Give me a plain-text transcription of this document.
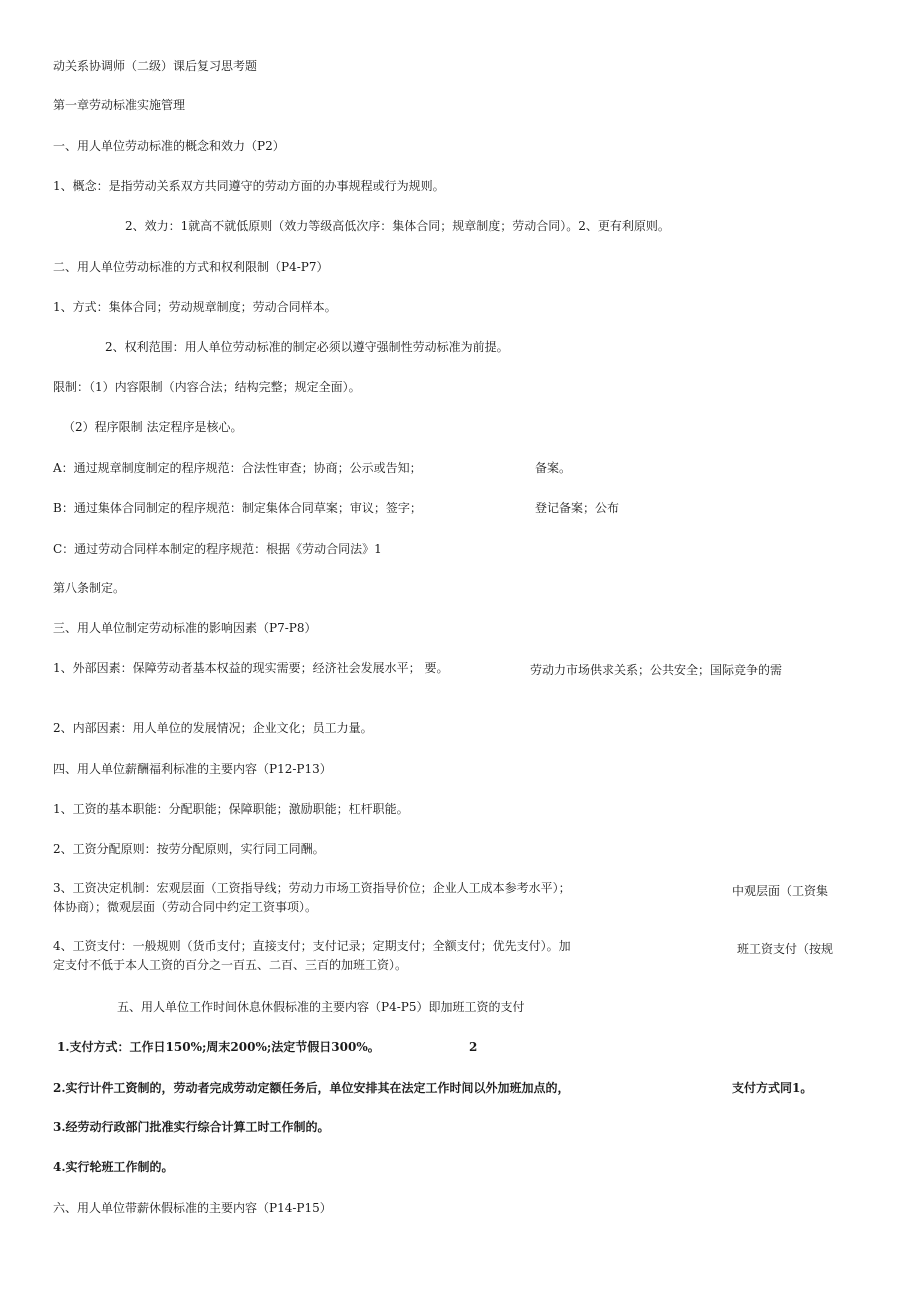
动关系协调师（二级）课后复习思考题
第一章劳动标准实施管理
一、用人单位劳动标准的概念和效力（P2）
1、概念：是指劳动关系双方共同遵守的劳动方面的办事规程或行为规则。
2、效力：1就高不就低原则（效力等级高低次序：集体合同；规章制度；劳动合同）。2、更有利原则。
二、用人单位劳动标准的方式和权利限制（P4-P7）
1、方式：集体合同；劳动规章制度；劳动合同样本。
2、权利范围：用人单位劳动标准的制定必须以遵守强制性劳动标准为前提。
限制：（1）内容限制（内容合法；结构完整；规定全面）。
（2）程序限制 法定程序是核心。
A：通过规章制度制定的程序规范：合法性审查；协商；公示或告知；	备案。
B：通过集体合同制定的程序规范：制定集体合同草案；审议；签字；	登记备案；公布
C：通过劳动合同样本制定的程序规范：根据《劳动合同法》1
第八条制定。
三、用人单位制定劳动标准的影响因素（P7-P8）
1、外部因素：保障劳动者基本权益的现实需要；经济社会发展水平； 要。	劳动力市场供求关系；公共安全；国际竞争的需
2、内部因素：用人单位的发展情况；企业文化；员工力量。
四、用人单位薪酬福利标准的主要内容（P12-P13）
1、工资的基本职能：分配职能；保障职能；激励职能；杠杆职能。
2、工资分配原则：按劳分配原则，实行同工同酬。
3、工资决定机制：宏观层面（工资指导线；劳动力市场工资指导价位；企业人工成本参考水平）；	中观层面（工资集
体协商）；微观层面（劳动合同中约定工资事项）。
4、工资支付：一般规则（货币支付；直接支付；支付记录；定期支付；全额支付；优先支付）。加	班工资支付（按规
定支付不低于本人工资的百分之一百五、二百、三百的加班工资）。
五、用人单位工作时间休息休假标准的主要内容（P4-P5）即加班工资的支付
1.支付方式：工作日150%;周末200%;法定节假日300%。	2
2.实行计件工资制的，劳动者完成劳动定额任务后，单位安排其在法定工作时间以外加班加点的，	支付方式同1。
3.经劳动行政部门批准实行综合计算工时工作制的。
4.实行轮班工作制的。
六、用人单位带薪休假标准的主要内容（P14-P15）
